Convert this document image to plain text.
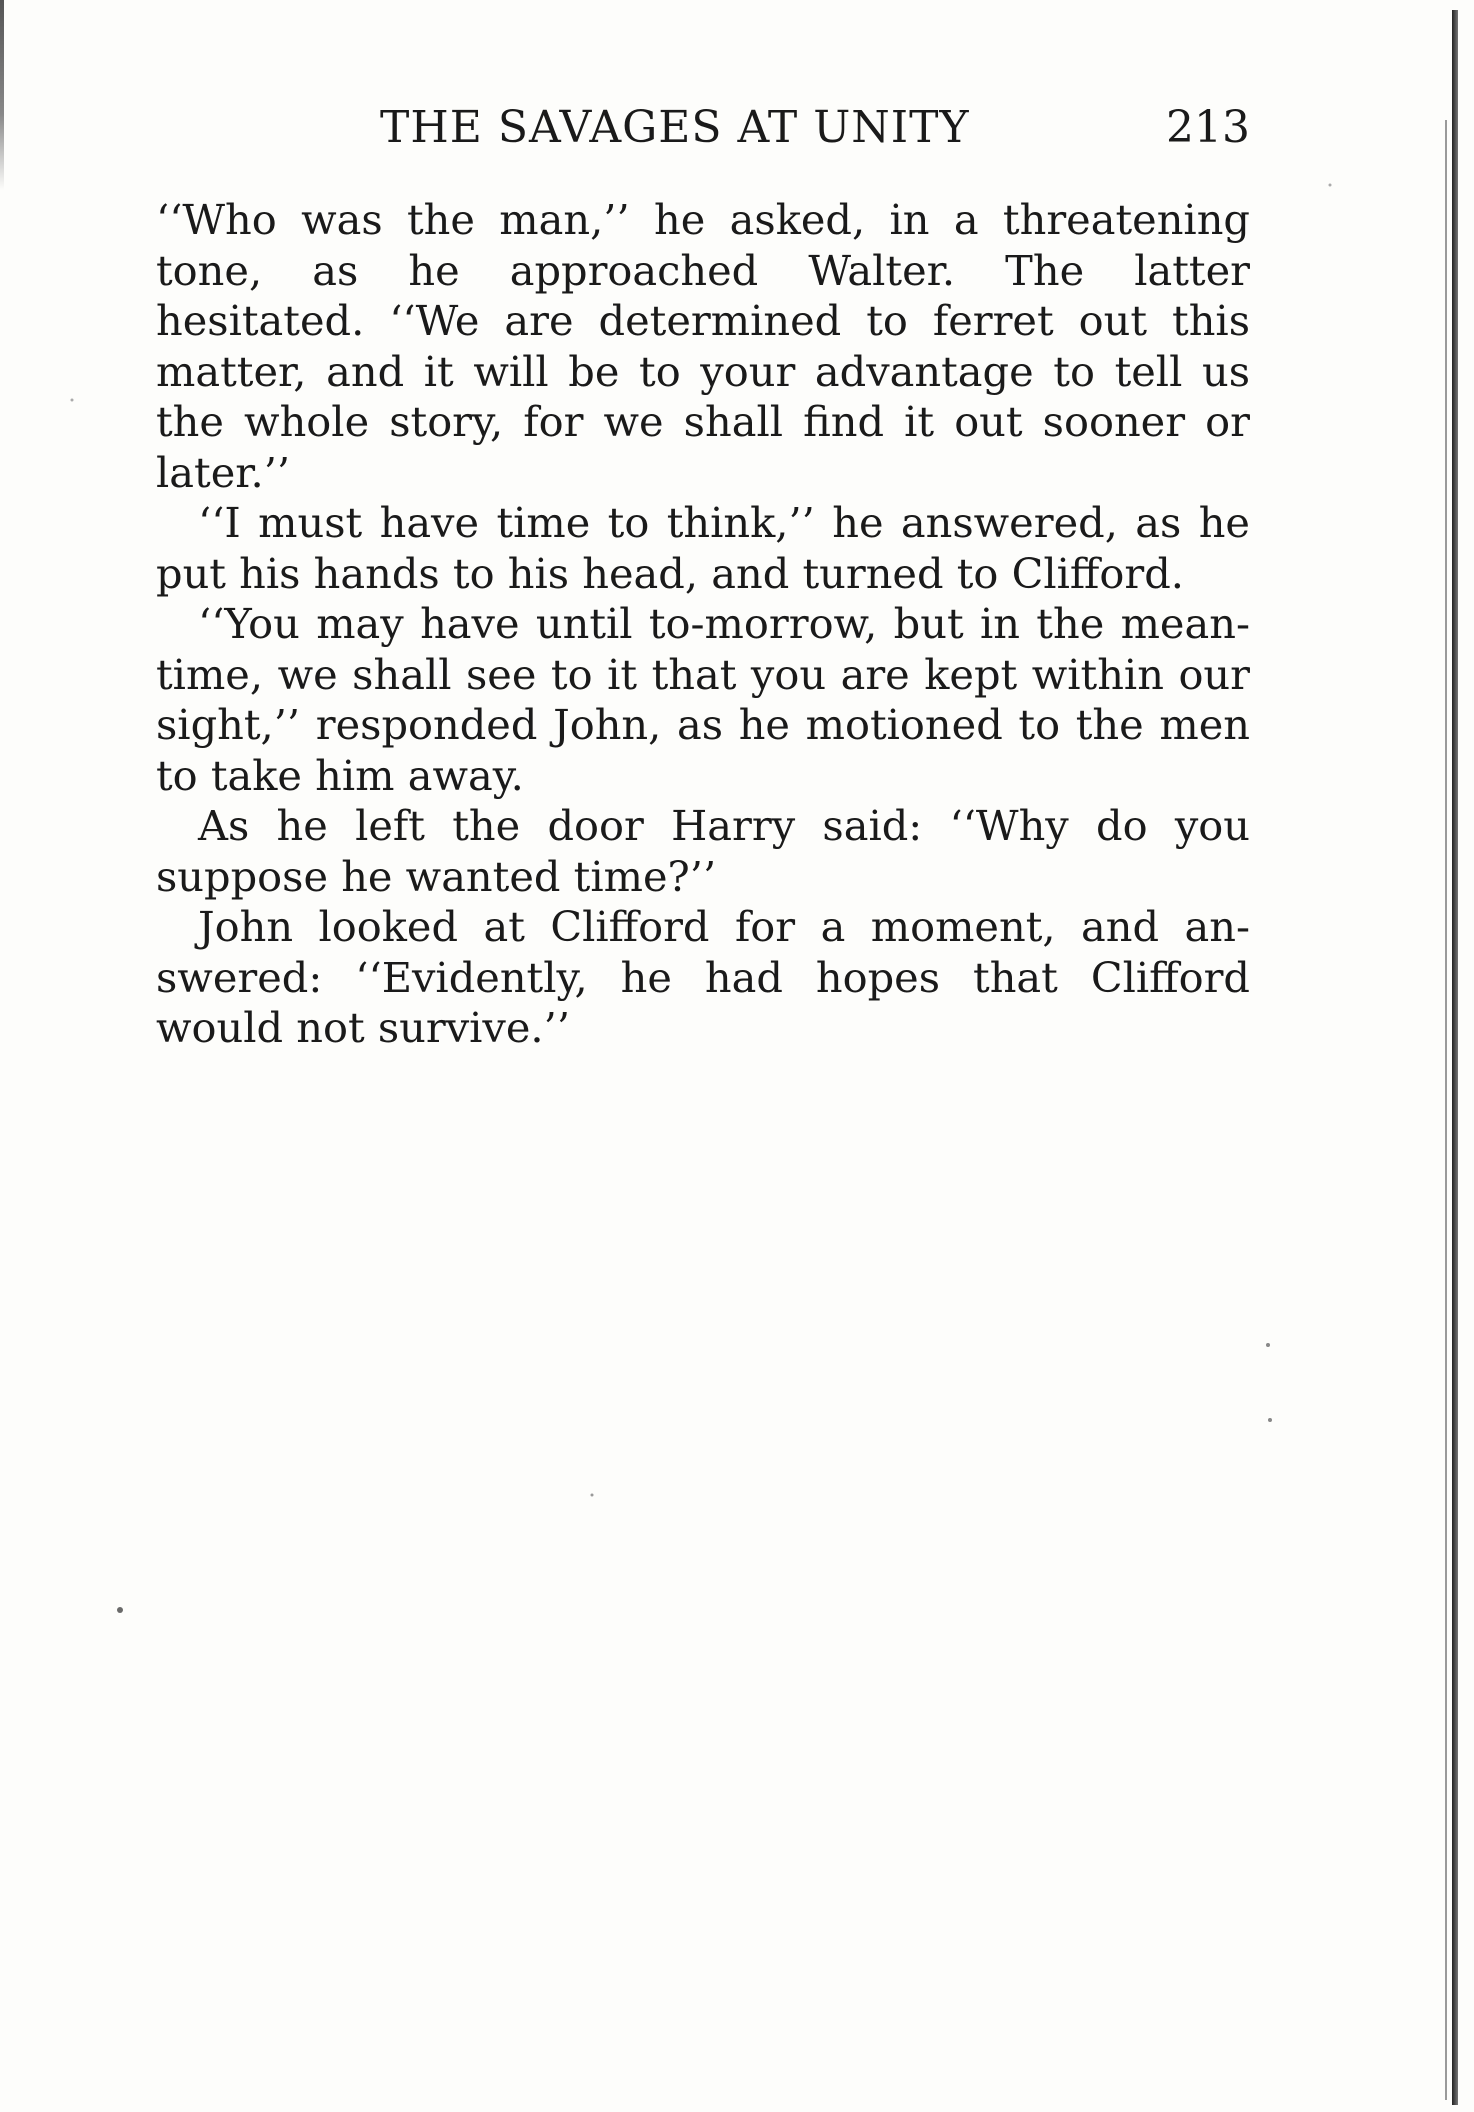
THE SAVAGES AT UNITY	213

‘‘Who was the man,’’ he asked, in a threatening tone, as he approached Walter. The latter hesitated. ‘‘We are determined to ferret out this matter, and it will be to your advantage to tell us the whole story, for we shall find it out sooner or later.’’

‘‘I must have time to think,’’ he answered, as he put his hands to his head, and turned to Clifford.

‘‘You may have until to-morrow, but in the mean-time, we shall see to it that you are kept within our sight,’’ responded John, as he motioned to the men to take him away.

As he left the door Harry said: ‘‘Why do you suppose he wanted time?’’

John looked at Clifford for a moment, and an-swered: ‘‘Evidently, he had hopes that Clifford would not survive.’’
